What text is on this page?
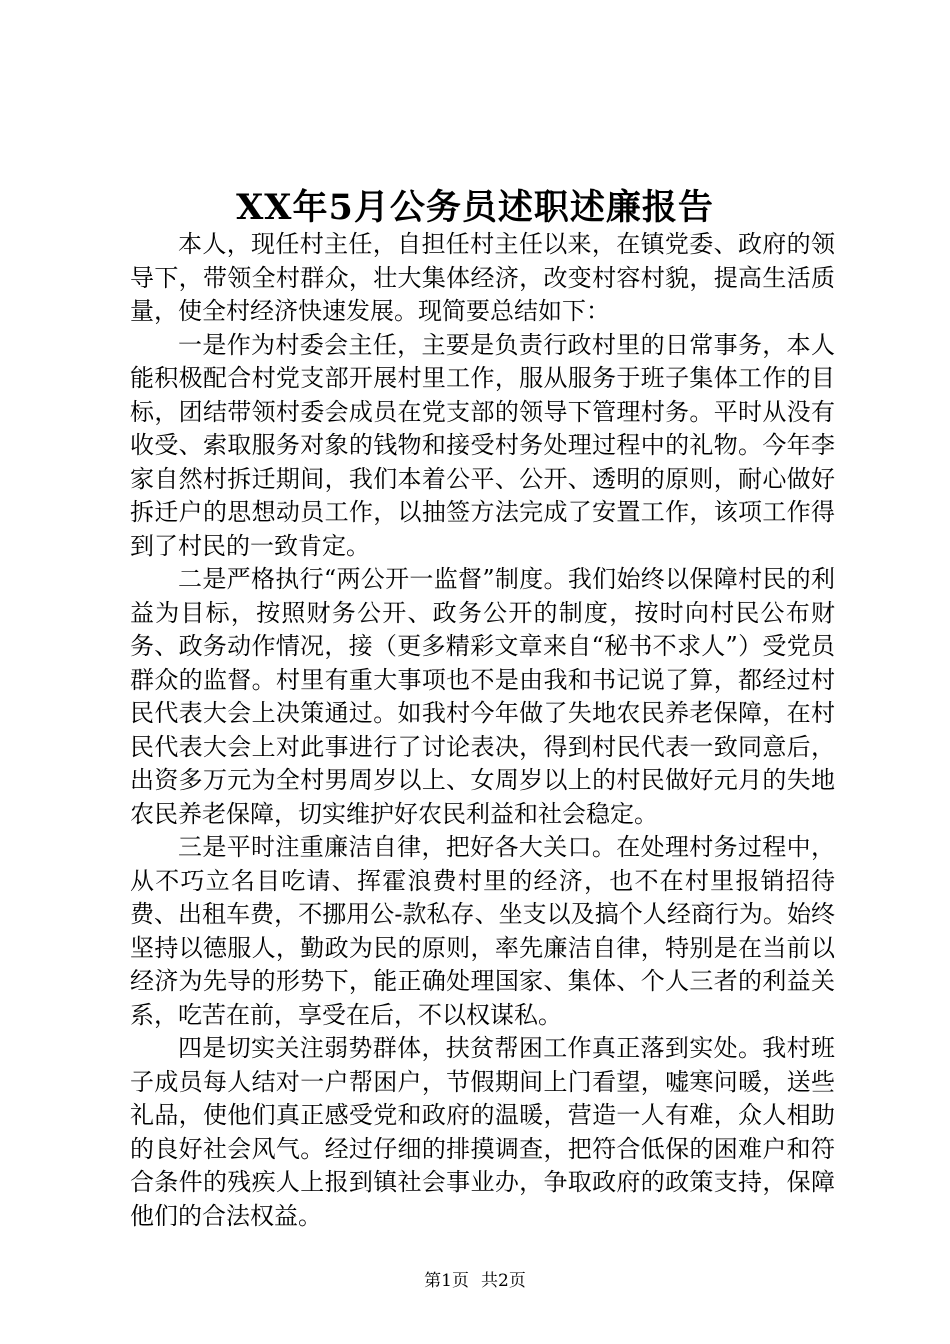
XX年5月公务员述职述廉报告

本人，现任村主任，自担任村主任以来，在镇党委、政府的领导下，带领全村群众，壮大集体经济，改变村容村貌，提高生活质量，使全村经济快速发展。现简要总结如下：

一是作为村委会主任，主要是负责行政村里的日常事务，本人能积极配合村党支部开展村里工作，服从服务于班子集体工作的目标，团结带领村委会成员在党支部的领导下管理村务。平时从没有收受、索取服务对象的钱物和接受村务处理过程中的礼物。今年李家自然村拆迁期间，我们本着公平、公开、透明的原则，耐心做好拆迁户的思想动员工作，以抽签方法完成了安置工作，该项工作得到了村民的一致肯定。

二是严格执行“两公开一监督”制度。我们始终以保障村民的利益为目标，按照财务公开、政务公开的制度，按时向村民公布财务、政务动作情况，接（更多精彩文章来自“秘书不求人”）受党员群众的监督。村里有重大事项也不是由我和书记说了算，都经过村民代表大会上决策通过。如我村今年做了失地农民养老保障，在村民代表大会上对此事进行了讨论表决，得到村民代表一致同意后，出资多万元为全村男周岁以上、女周岁以上的村民做好元月的失地农民养老保障，切实维护好农民利益和社会稳定。

三是平时注重廉洁自律，把好各大关口。在处理村务过程中，从不巧立名目吃请、挥霍浪费村里的经济，也不在村里报销招待费、出租车费，不挪用公-款私存、坐支以及搞个人经商行为。始终坚持以德服人，勤政为民的原则，率先廉洁自律，特别是在当前以经济为先导的形势下，能正确处理国家、集体、个人三者的利益关系，吃苦在前，享受在后，不以权谋私。

四是切实关注弱势群体，扶贫帮困工作真正落到实处。我村班子成员每人结对一户帮困户，节假期间上门看望，嘘寒问暖，送些礼品，使他们真正感受党和政府的温暖，营造一人有难，众人相助的良好社会风气。经过仔细的排摸调查，把符合低保的困难户和符合条件的残疾人上报到镇社会事业办，争取政府的政策支持，保障他们的合法权益。

第1页 共2页
